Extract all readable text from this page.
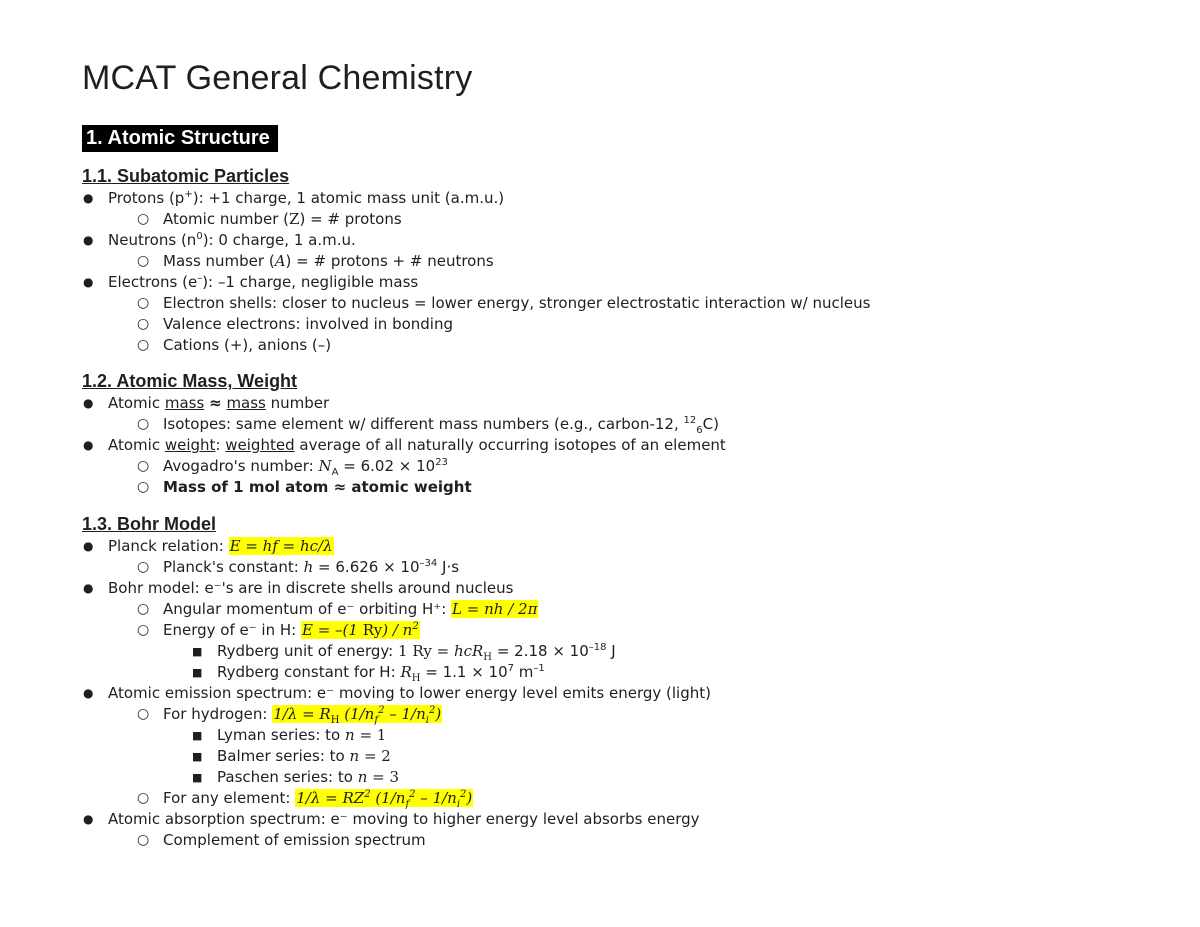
MCAT General Chemistry
1. Atomic Structure
1.1. Subatomic Particles
● Protons (p+): +1 charge, 1 atomic mass unit (a.m.u.)
○ Atomic number (Z) = # protons
● Neutrons $(n^0)$: 0 charge, 1 a.m.u.
○ Mass number (A) = # protons + # neutrons
● Electrons (e–): –1 charge, negligible mass
○ Electron shells: closer to nucleus = lower energy, stronger electrostatic interaction w/ nucleus
○ Valence electrons: involved in bonding
○ Cations (+), anions (–)
1.2. Atomic Mass, Weight
● Atomic mass ≈ mass number
○ Isotopes: same element w/ different mass numbers (e.g., carbon-12, $^{12}_6$C)
● Atomic weight: weighted average of all naturally occurring isotopes of an element
○ Avogadro's number: $N_A = 6.02 \times 10^{23}$
○ Mass of 1 mol atom ≈ atomic weight
1.3. Bohr Model
● Planck relation: E = hf = hc/λ
○ Planck's constant: $h = 6.626 \times 10^{-34}$ J·s
● Bohr model: e⁻'s are in discrete shells around nucleus
○ Angular momentum of e⁻ orbiting H⁺: L = nh / 2π
○ Energy of e⁻ in H: E = –(1 $Ry) / n^2$
■ Rydberg unit of energy: 1 $Ry = hcR_H = 2.18 \times 10^{-18}$ J
■ Rydberg constant for H: $R_H = 1.1 \times 10^7$ $m^{-1}$
● Atomic emission spectrum: e⁻ moving to lower energy level emits energy (light)
○ For hydrogen: $1/\lambda = R_H$ $(1/n_f^2 - 1/n_i^2)$
■ Lyman series: to n = 1
■ Balmer series: to n = 2
■ Paschen series: to n = 3
○ For any element: $1/\lambda = RZ^2$ $(1/n_f^2 - 1/n_i^2)$
● Atomic absorption spectrum: e⁻ moving to higher energy level absorbs energy
○ Complement of emission spectrum
